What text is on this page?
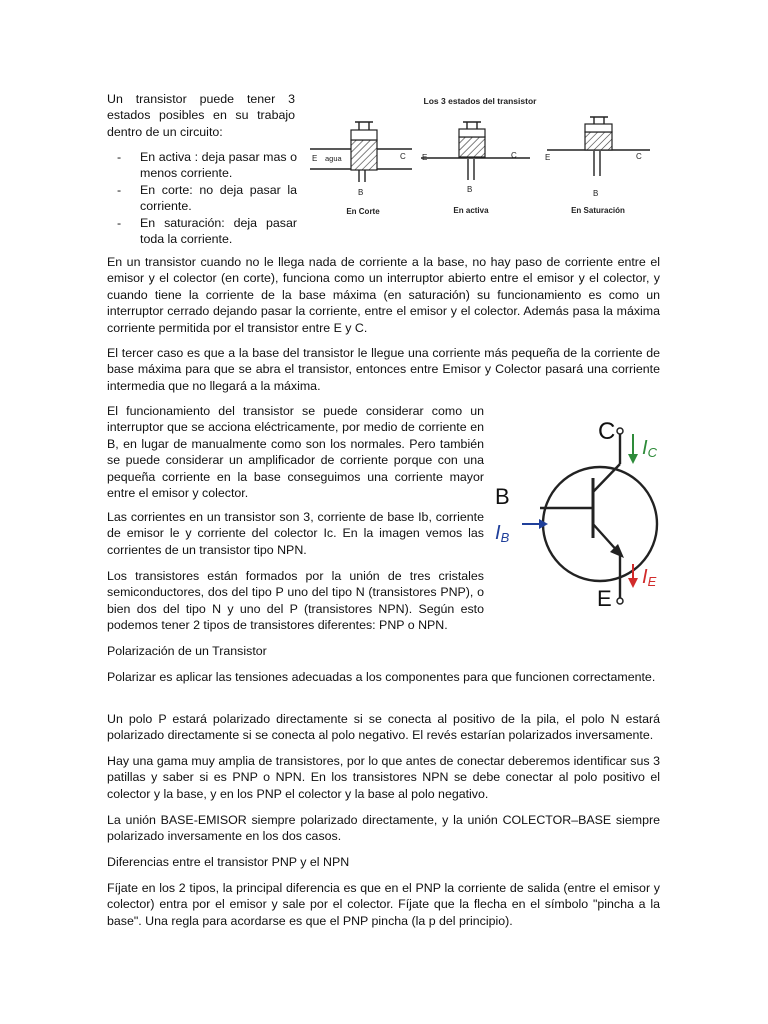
Un transistor puede tener 3 estados posibles en su trabajo dentro de un circuito:

- En activa : deja pasar mas o menos corriente.
- En corte: no deja pasar la corriente.
- En saturación: deja pasar toda la corriente.
Los 3 estados del transistor
E agua	C
B
En Corte
E	C
B
En activa
E	C
B
En Saturación

En un transistor cuando no le llega nada de corriente a la base, no hay paso de corriente entre el emisor y el colector (en corte), funciona como un interruptor abierto entre el emisor y el colector, y cuando tiene la corriente de la base máxima (en saturación) su funcionamiento es como un interruptor cerrado dejando pasar la corriente, entre el emisor y el colector. Además pasa la máxima corriente permitida por el transistor entre E y C.

El tercer caso es que a la base del transistor le llegue una corriente más pequeña de la corriente de base máxima para que se abra el transistor, entonces entre Emisor y Colector pasará una corriente intermedia que no llegará a la máxima.

El funcionamiento del transistor se puede considerar como un interruptor que se acciona eléctricamente, por medio de corriente en B, en lugar de manualmente como son los normales. Pero también se puede considerar un amplificador de corriente porque con una pequeña corriente en la base conseguimos una corriente mayor entre el emisor y colector.

Las corrientes en un transistor son 3, corriente de base Ib, corriente de emisor le y corriente del colector Ic. En la imagen vemos las corrientes de un transistor tipo NPN.

Los transistores están formados por la unión de tres cristales semiconductores, dos del tipo P uno del tipo N (transistores PNP), o bien dos del tipo N y uno del P (transistores NPN). Según esto podemos tener 2 tipos de transistores diferentes: PNP o NPN.

C
B
E
IC
IB
IE

Polarización de un Transistor

Polarizar es aplicar las tensiones adecuadas a los componentes para que funcionen correctamente.

Un polo P estará polarizado directamente si se conecta al positivo de la pila, el polo N estará polarizado directamente si se conecta al polo negativo. El revés estarían polarizados inversamente.

Hay una gama muy amplia de transistores, por lo que antes de conectar deberemos identificar sus 3 patillas y saber si es PNP o NPN. En los transistores NPN se debe conectar al polo positivo el colector y la base, y en los PNP el colector y la base al polo negativo.

La unión BASE-EMISOR siempre polarizado directamente, y la unión COLECTOR–BASE siempre polarizado inversamente en los dos casos.

Diferencias entre el transistor PNP y el NPN

Fíjate en los 2 tipos, la principal diferencia es que en el PNP la corriente de salida (entre el emisor y colector) entra por el emisor y sale por el colector. Fíjate que la flecha en el símbolo "pincha a la base". Una regla para acordarse es que el PNP pincha (la p del principio).
